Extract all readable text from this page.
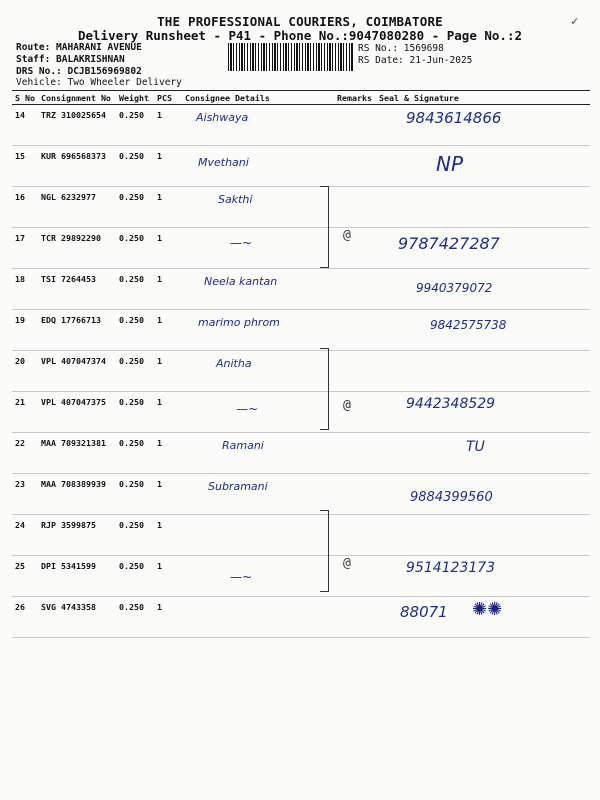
✓
THE PROFESSIONAL COURIERS, COIMBATORE
Delivery Runsheet - P41 - Phone No.:9047080280 - Page No.:2
Route: MAHARANI AVENUE
Staff: BALAKRISHNAN
DRS No.: DCJB156969802
Vehicle: Two Wheeler Delivery
RS No.: 1569698
RS Date: 21-Jun-2025
S No	Consignment No	Weight	PCS	Consignee Details	Remarks	Seal & Signature
14	TRZ 310025654	0.250	1	Aishwaya		9843614866

15	KUR 696568373	0.250	1	Mvethani		NP

16	NGL 6232977	0.250	1	Sakthi		

17	TCR 29892290	0.250	1	—~		9787427287

18	TSI 7264453	0.250	1	Neela kantan		9940379072

19	EDQ 17766713	0.250	1	marimo phrom		9842575738

20	VPL 407047374	0.250	1	Anitha		

21	VPL 407047375	0.250	1	—~		9442348529

22	MAA 709321381	0.250	1	Ramani		TU

23	MAA 708389939	0.250	1	Subramani		9884399560

24	RJP 3599875	0.250	1	

25	DPI 5341599	0.250	1	—~		9514123173

26	SVG 4743358	0.250	1			88071 ✺✺
@
@
@
